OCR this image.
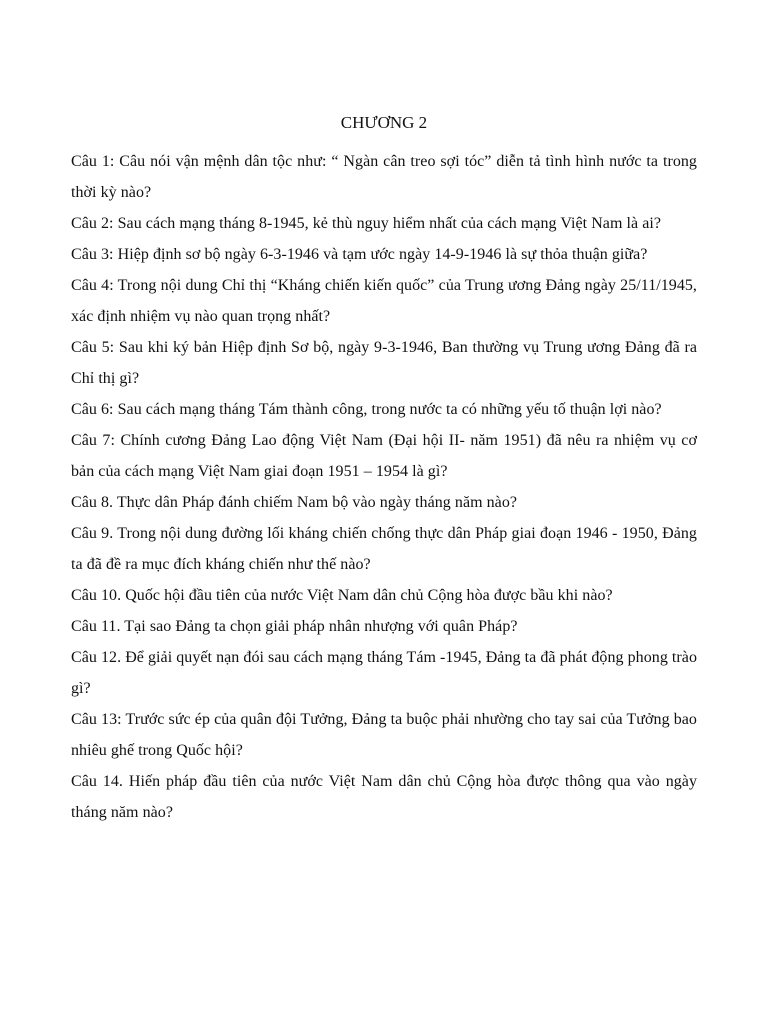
CHƯƠNG 2
Câu 1: Câu nói vận mệnh dân tộc như: “ Ngàn cân treo sợi tóc” diễn tả tình hình nước ta trong thời kỳ nào?
Câu 2: Sau cách mạng tháng 8-1945, kẻ thù nguy hiểm nhất của cách mạng Việt Nam là ai?
Câu 3: Hiệp định sơ bộ ngày 6-3-1946 và tạm ước ngày 14-9-1946 là sự thỏa thuận giữa?
Câu 4: Trong nội dung Chỉ thị “Kháng chiến kiến quốc” của Trung ương Đảng ngày 25/11/1945, xác định nhiệm vụ nào quan trọng nhất?
Câu 5: Sau khi ký bản Hiệp định Sơ bộ, ngày 9-3-1946, Ban thường vụ Trung ương Đảng đã ra Chỉ thị gì?
Câu 6: Sau cách mạng tháng Tám thành công, trong nước ta có những yếu tố thuận lợi nào?
Câu 7: Chính cương Đảng Lao động Việt Nam (Đại hội II- năm 1951) đã nêu ra nhiệm vụ cơ bản của cách mạng Việt Nam giai đoạn 1951 – 1954 là gì?
Câu 8. Thực dân Pháp đánh chiếm Nam bộ vào ngày tháng năm nào?
Câu 9. Trong nội dung đường lối kháng chiến chống thực dân Pháp giai đoạn 1946 - 1950, Đảng ta đã đề ra mục đích kháng chiến như thế nào?
Câu 10. Quốc hội đầu tiên của nước Việt Nam dân chủ Cộng hòa được bầu khi nào?
Câu 11. Tại sao Đảng ta chọn giải pháp nhân nhượng với quân Pháp?
Câu 12. Để giải quyết nạn đói sau cách mạng tháng Tám -1945, Đảng ta đã phát động phong trào gì?
Câu 13: Trước sức ép của quân đội Tưởng, Đảng ta buộc phải nhường cho tay sai của Tưởng bao nhiêu ghế trong Quốc hội?
Câu 14. Hiến pháp đầu tiên của nước Việt Nam dân chủ Cộng hòa được thông qua vào ngày tháng năm nào?
